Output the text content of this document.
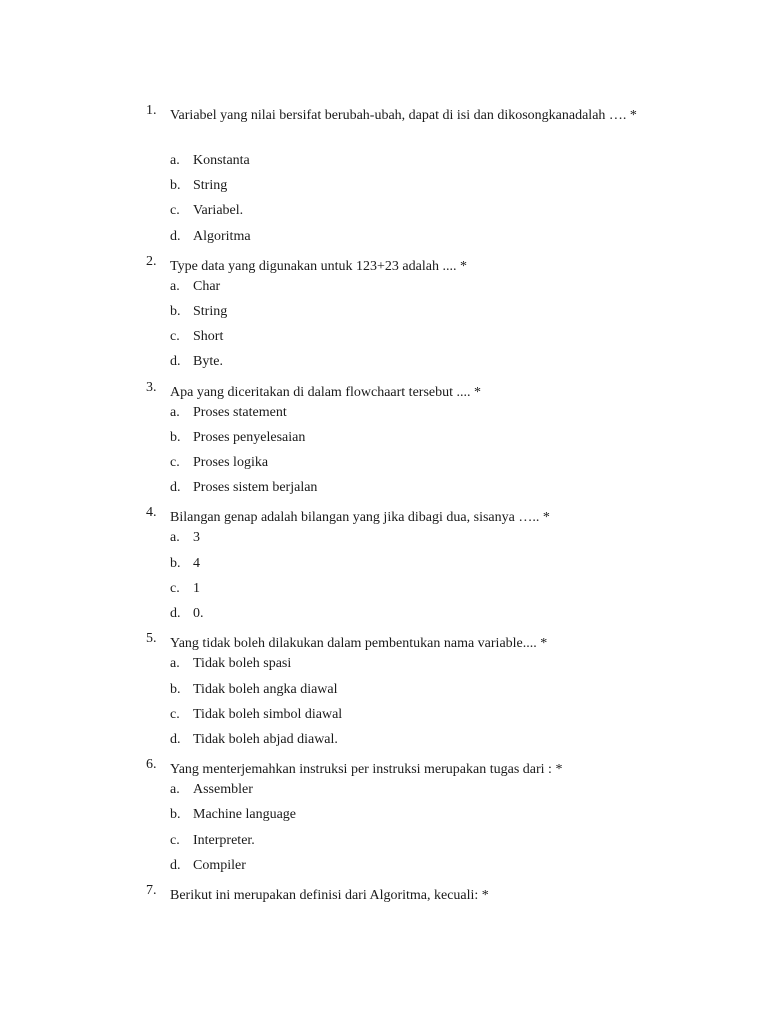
1. Variabel yang nilai bersifat berubah-ubah, dapat di isi dan dikosongkanadalah …. *
a. Konstanta
b. String
c. Variabel.
d. Algoritma
2. Type data yang digunakan untuk 123+23 adalah .... *
a. Char
b. String
c. Short
d. Byte.
3. Apa yang diceritakan di dalam flowchaart tersebut .... *
a. Proses statement
b. Proses penyelesaian
c. Proses logika
d. Proses sistem berjalan
4. Bilangan genap adalah bilangan yang jika dibagi dua, sisanya ….. *
a. 3
b. 4
c. 1
d. 0.
5. Yang tidak boleh dilakukan dalam pembentukan nama variable.... *
a. Tidak boleh spasi
b. Tidak boleh angka diawal
c. Tidak boleh simbol diawal
d. Tidak boleh abjad diawal.
6. Yang menterjemahkan instruksi per instruksi merupakan tugas dari : *
a. Assembler
b. Machine language
c. Interpreter.
d. Compiler
7. Berikut ini merupakan definisi dari Algoritma, kecuali: *
